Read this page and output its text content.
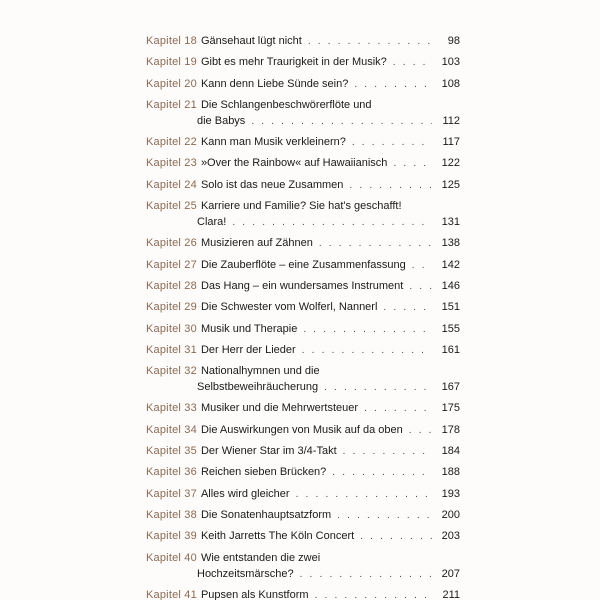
Kapitel 18 Gänsehaut lügt nicht . . .	98
Kapitel 19 Gibt es mehr Traurigkeit in der Musik? . . .	103
Kapitel 20 Kann denn Liebe Sünde sein? . . .	108
Kapitel 21 Die Schlangenbeschwörerflöte und
die Babys . . .	112
Kapitel 22 Kann man Musik verkleinern? . . .	117
Kapitel 23 »Over the Rainbow« auf Hawaiianisch . . .	122
Kapitel 24 Solo ist das neue Zusammen . . .	125
Kapitel 25 Karriere und Familie? Sie hat's geschafft!
Clara! . . .	131
Kapitel 26 Musizieren auf Zähnen . . .	138
Kapitel 27 Die Zauberflöte – eine Zusammenfassung . . .	142
Kapitel 28 Das Hang – ein wundersames Instrument . . .	146
Kapitel 29 Die Schwester vom Wolferl, Nannerl . . .	151
Kapitel 30 Musik und Therapie . . .	155
Kapitel 31 Der Herr der Lieder . . .	161
Kapitel 32 Nationalhymnen und die
Selbstbeweihräucherung . . .	167
Kapitel 33 Musiker und die Mehrwertsteuer . . .	175
Kapitel 34 Die Auswirkungen von Musik auf da oben . . .	178
Kapitel 35 Der Wiener Star im 3/4-Takt . . .	184
Kapitel 36 Reichen sieben Brücken? . . .	188
Kapitel 37 Alles wird gleicher . . .	193
Kapitel 38 Die Sonatenhauptsatzform . . .	200
Kapitel 39 Keith Jarretts The Köln Concert . . .	203
Kapitel 40 Wie entstanden die zwei
Hochzeitsmärsche? . . .	207
Kapitel 41 Pupsen als Kunstform . . .	211
